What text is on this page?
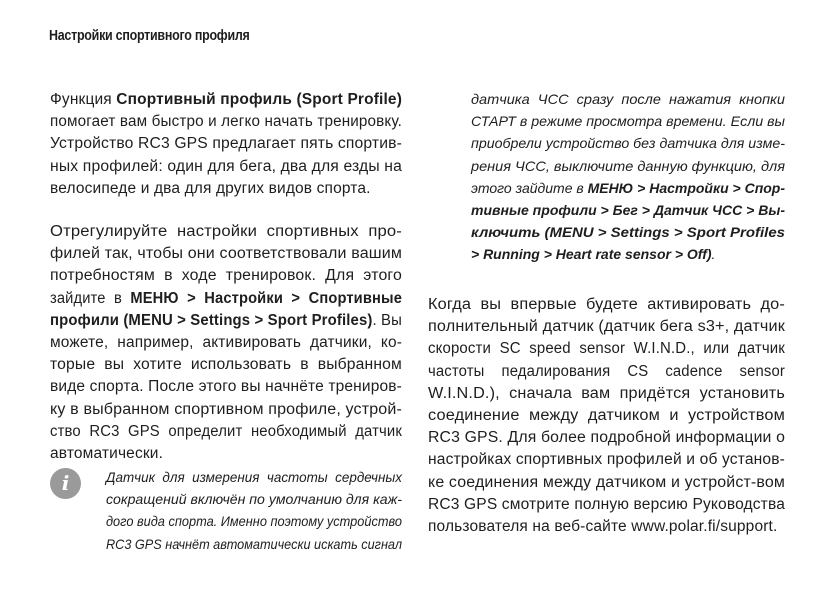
Настройки спортивного профиля
Функция Спортивный профиль (Sport Profile)
помогает вам быстро и легко начать тренировку.
Устройство RC3 GPS предлагает пять спортив-
ных профилей: один для бега, два для езды на
велосипеде и два для других видов спорта.
Отрегулируйте  настройки  спортивных  про-
филей так, чтобы они соответствовали вашим
потребностям  в  ходе  тренировок.  Для  этого
зайдите  в  МЕНЮ  >  Настройки  >  Спортивные
профили (MENU > Settings > Sport Profiles). Вы
можете,  например,  активировать  датчики,  ко-
торые  вы  хотите  использовать  в  выбранном
виде спорта. После этого вы начнёте трениров-
ку в выбранном спортивном профиле, устрой-
ство  RC3  GPS  определит  необходимый  датчик
автоматически.
i	Датчик  для  измерения  частоты  сердечных
сокращений включён по умолчанию для каж-
дого вида спорта. Именно поэтому устройство
RC3 GPS начнёт автоматически искать сигнал
датчика  ЧСС  сразу  после  нажатия  кнопки
СТАРТ в режиме просмотра времени. Если вы
приобрели устройство без датчика для изме-
рения ЧСС, выключите данную функцию, для
этого зайдите в МЕНЮ > Настройки > Спор-
тивные профили > Бег > Датчик ЧСС > Вы-
ключить (MENU > Settings > Sport Profiles
> Running > Heart rate sensor > Off).
Когда  вы  впервые  будете  активировать  до-
полнительный датчик (датчик бега s3+, датчик
скорости  SC  speed  sensor  W.I.N.D.,  или  датчик
частоты    педалирования    CS    cadence    sensor
W.I.N.D.),  сначала  вам  придётся  установить
соединение  между  датчиком  и  устройством
RC3 GPS. Для более подробной информации о
настройках спортивных профилей и об установ-
ке соединения между датчиком и устройст-вом
RC3 GPS смотрите полную версию Руководства
пользователя на веб-сайте www.polar.fi/support.
